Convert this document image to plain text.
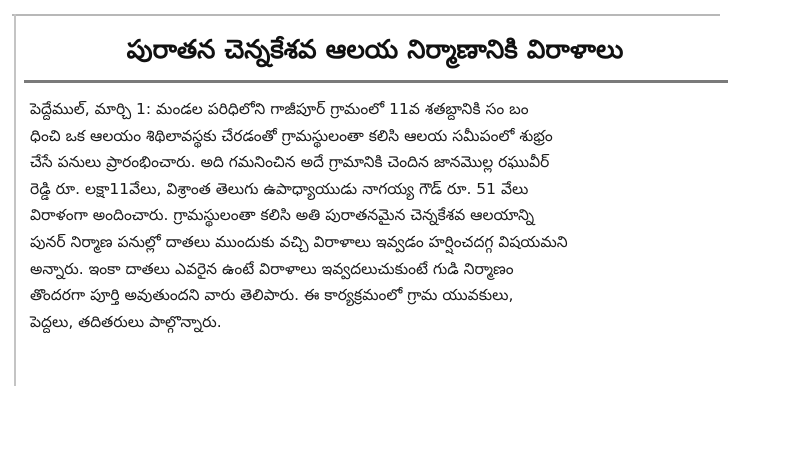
పురాతన చెన్నకేశవ ఆలయ నిర్మాణానికి విరాళాలు
పెద్దేముల్, మార్చి 1: మండల పరిధిలోని గాజీపూర్ గ్రామంలో 11వ శతబ్దానికి సం బం
ధించి ఒక ఆలయం శిథిలావస్థకు చేరడంతో గ్రామస్థులంతా కలిసి ఆలయ సమీపంలో శుభ్రం
చేసే పనులు ప్రారంభించారు. అది గమనించిన అదే గ్రామానికి చెందిన జానమొల్ల రఘువీర్
రెడ్డి రూ. లక్షా11వేలు, విశ్రాంత తెలుగు ఉపాధ్యాయుడు నాగయ్య గౌడ్ రూ. 51 వేలు
విరాళంగా అందించారు. గ్రామస్థులంతా కలిసి అతి పురాతనమైన చెన్నకేశవ ఆలయాన్ని
పునర్ నిర్మాణ పనుల్లో దాతలు ముందుకు వచ్చి విరాళాలు ఇవ్వడం హర్షించదగ్గ విషయమని
అన్నారు. ఇంకా దాతలు ఎవరైన ఉంటే విరాళాలు ఇవ్వదలుచుకుంటే గుడి నిర్మాణం
తొందరగా పూర్తి అవుతుందని వారు తెలిపారు. ఈ కార్యక్రమంలో గ్రామ యువకులు,
పెద్దలు, తదితరులు పాల్గొన్నారు.
